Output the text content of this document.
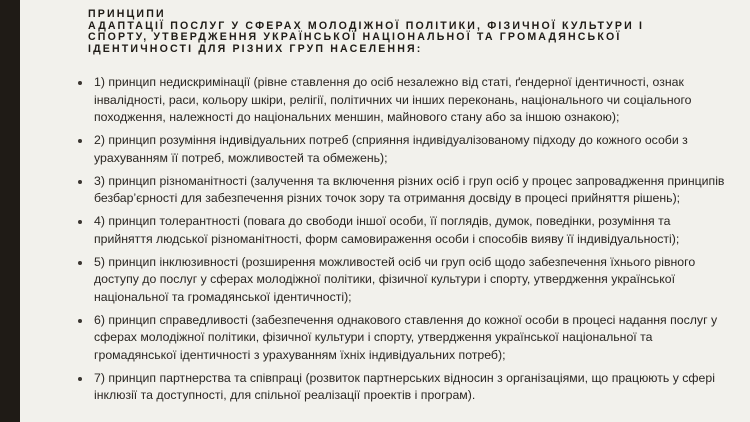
ПРИНЦИПИ
АДАПТАЦІЇ ПОСЛУГ У СФЕРАХ МОЛОДІЖНОЇ ПОЛІТИКИ, ФІЗИЧНОЇ КУЛЬТУРИ І
СПОРТУ, УТВЕРДЖЕННЯ УКРАЇНСЬКОЇ НАЦІОНАЛЬНОЇ ТА ГРОМАДЯНСЬКОЇ
ІДЕНТИЧНОСТІ ДЛЯ РІЗНИХ ГРУП НАСЕЛЕННЯ:
1) принцип недискримінації (рівне ставлення до осіб незалежно від статі, ґендерної ідентичності, ознак інвалідності, раси, кольору шкіри, релігії, політичних чи інших переконань, національного чи соціального походження, належності до національних меншин, майнового стану або за іншою ознакою);
2) принцип розуміння індивідуальних потреб (сприяння індивідуалізованому підходу до кожного особи з урахуванням її потреб, можливостей та обмежень);
3) принцип різноманітності (залучення та включення різних осіб і груп осіб у процес запровадження принципів безбар’єрності для забезпечення різних точок зору та отримання досвіду в процесі прийняття рішень);
4) принцип толерантності (повага до свободи іншої особи, її поглядів, думок, поведінки, розуміння та прийняття людської різноманітності, форм самовираження особи і способів вияву її індивідуальності);
5) принцип інклюзивності (розширення можливостей осіб чи груп осіб щодо забезпечення їхнього рівного доступу до послуг у сферах молодіжної політики, фізичної культури і спорту, утвердження української національної та громадянської ідентичності);
6) принцип справедливості (забезпечення однакового ставлення до кожної особи в процесі надання послуг у сферах молодіжної політики, фізичної культури і спорту, утвердження української національної та громадянської ідентичності з урахуванням їхніх індивідуальних потреб);
7) принцип партнерства та співпраці (розвиток партнерських відносин з організаціями, що працюють у сфері інклюзії та доступності, для спільної реалізації проектів і програм).
